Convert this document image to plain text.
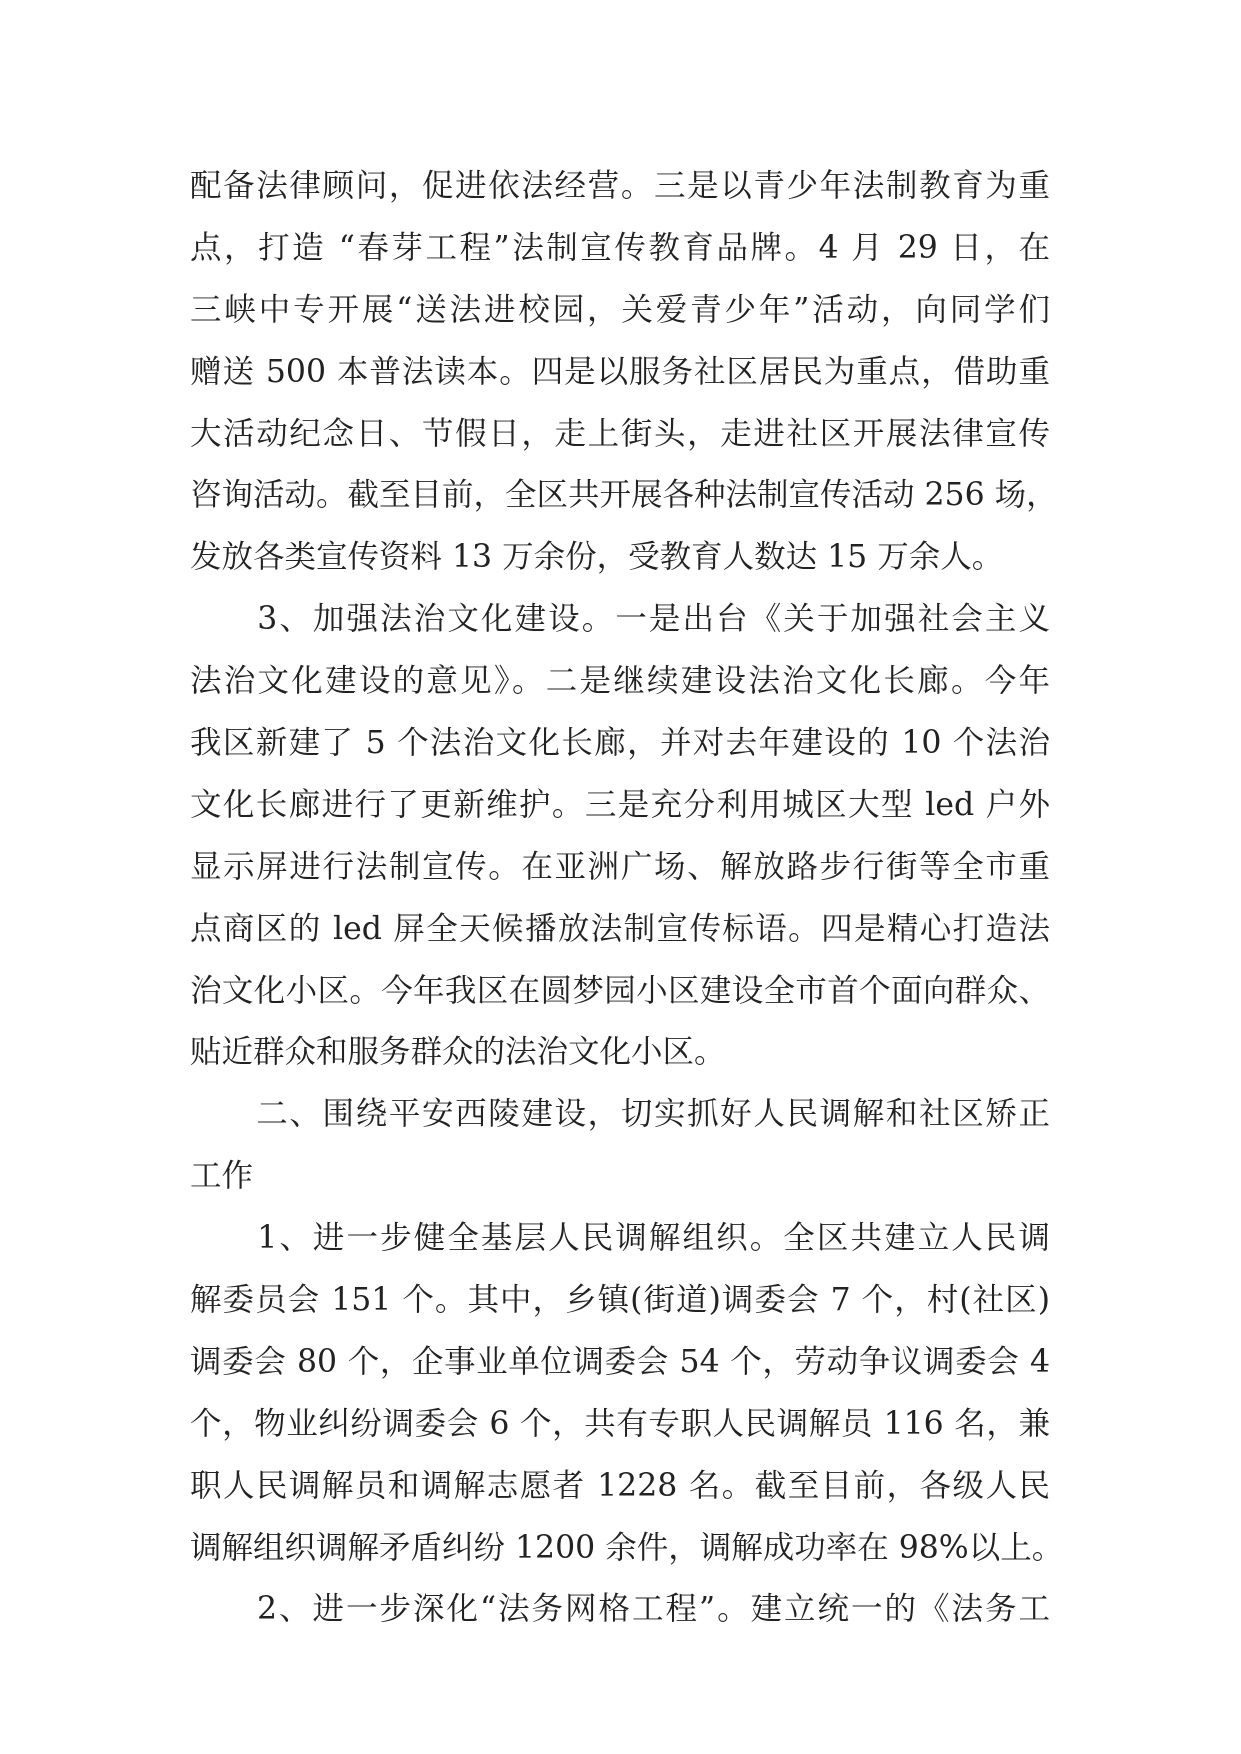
配备法律顾问，促进依法经营。三是以青少年法制教育为重
点，打造 “春芽工程”法制宣传教育品牌。4 月 29 日，在
三峡中专开展“送法进校园，关爱青少年”活动，向同学们
赠送 500 本普法读本。四是以服务社区居民为重点，借助重
大活动纪念日、节假日，走上街头，走进社区开展法律宣传
咨询活动。截至目前，全区共开展各种法制宣传活动 256 场，
发放各类宣传资料 13 万余份，受教育人数达 15 万余人。
　　3、加强法治文化建设。一是出台《关于加强社会主义
法治文化建设的意见》。二是继续建设法治文化长廊。今年
我区新建了 5 个法治文化长廊，并对去年建设的 10 个法治
文化长廊进行了更新维护。三是充分利用城区大型 led 户外
显示屏进行法制宣传。在亚洲广场、解放路步行街等全市重
点商区的 led 屏全天候播放法制宣传标语。四是精心打造法
治文化小区。今年我区在圆梦园小区建设全市首个面向群众、
贴近群众和服务群众的法治文化小区。
　　二、围绕平安西陵建设，切实抓好人民调解和社区矫正
工作
　　1、进一步健全基层人民调解组织。全区共建立人民调
解委员会 151 个。其中，乡镇(街道)调委会 7 个，村(社区)
调委会 80 个，企事业单位调委会 54 个，劳动争议调委会 4
个，物业纠纷调委会 6 个，共有专职人民调解员 116 名，兼
职人民调解员和调解志愿者 1228 名。截至目前，各级人民
调解组织调解矛盾纠纷 1200 余件，调解成功率在 98%以上。
　　2、进一步深化“法务网格工程”。建立统一的《法务工
